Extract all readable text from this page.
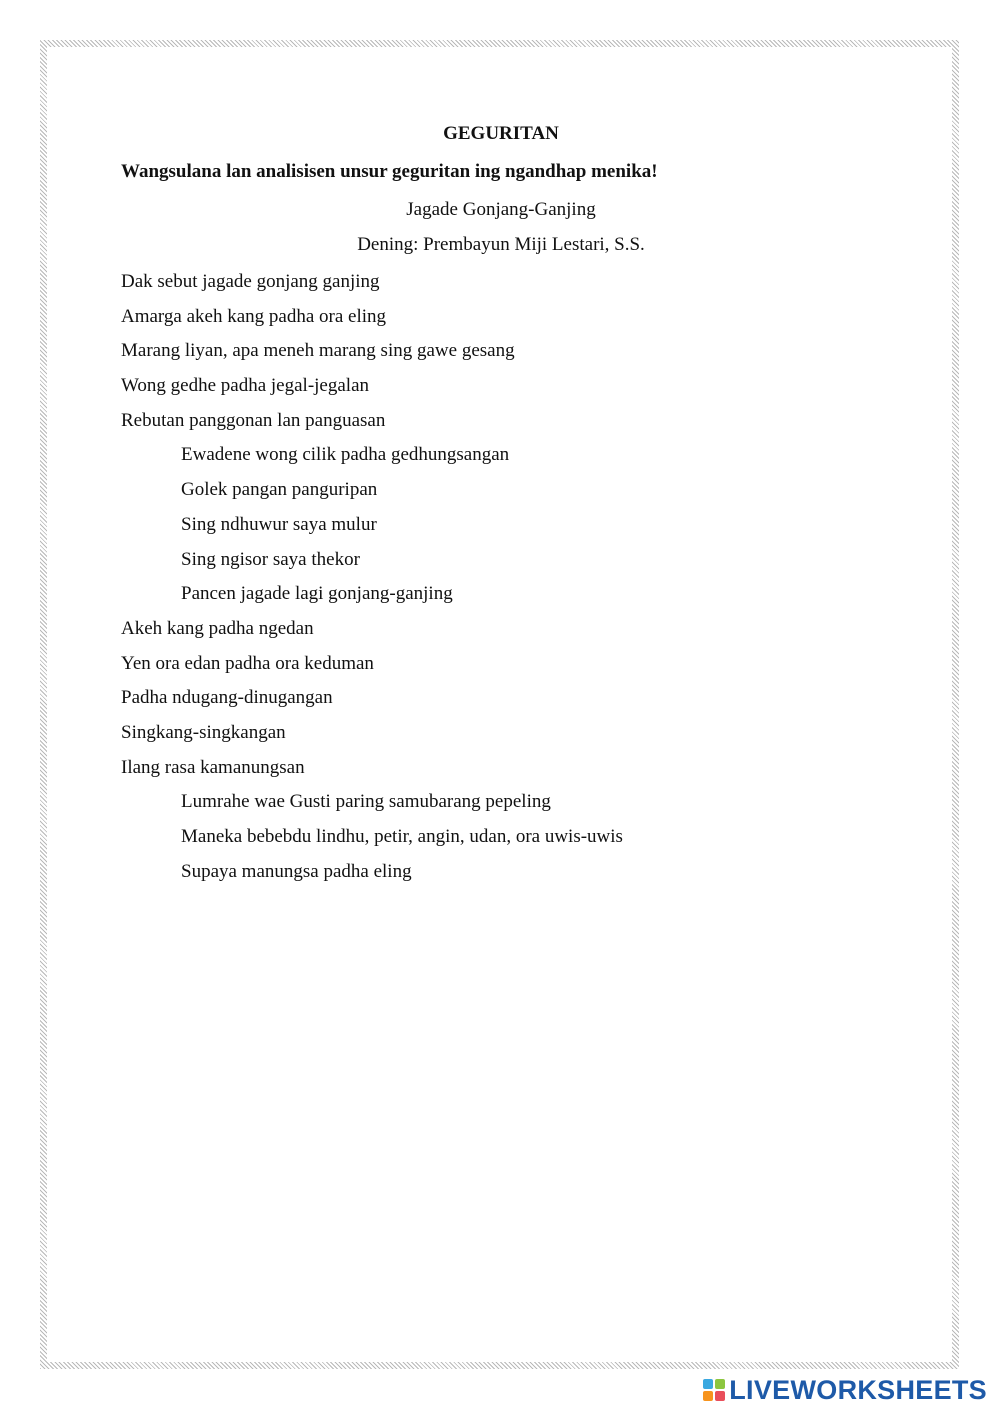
GEGURITAN
Wangsulana lan analisisen unsur geguritan ing ngandhap menika!
Jagade Gonjang-Ganjing
Dening: Prembayun Miji Lestari, S.S.
Dak sebut jagade gonjang ganjing
Amarga akeh kang padha ora eling
Marang liyan, apa meneh marang sing gawe gesang
Wong gedhe padha jegal-jegalan
Rebutan panggonan lan panguasan
Ewadene wong cilik padha gedhungsangan
Golek pangan panguripan
Sing ndhuwur saya mulur
Sing ngisor saya thekor
Pancen jagade lagi gonjang-ganjing
Akeh kang padha ngedan
Yen ora edan padha ora keduman
Padha ndugang-dinugangan
Singkang-singkangan
Ilang rasa kamanungsan
Lumrahe wae Gusti paring samubarang pepeling
Maneka bebebdu lindhu, petir, angin, udan, ora uwis-uwis
Supaya manungsa padha eling
LIVEWORKSHEETS
